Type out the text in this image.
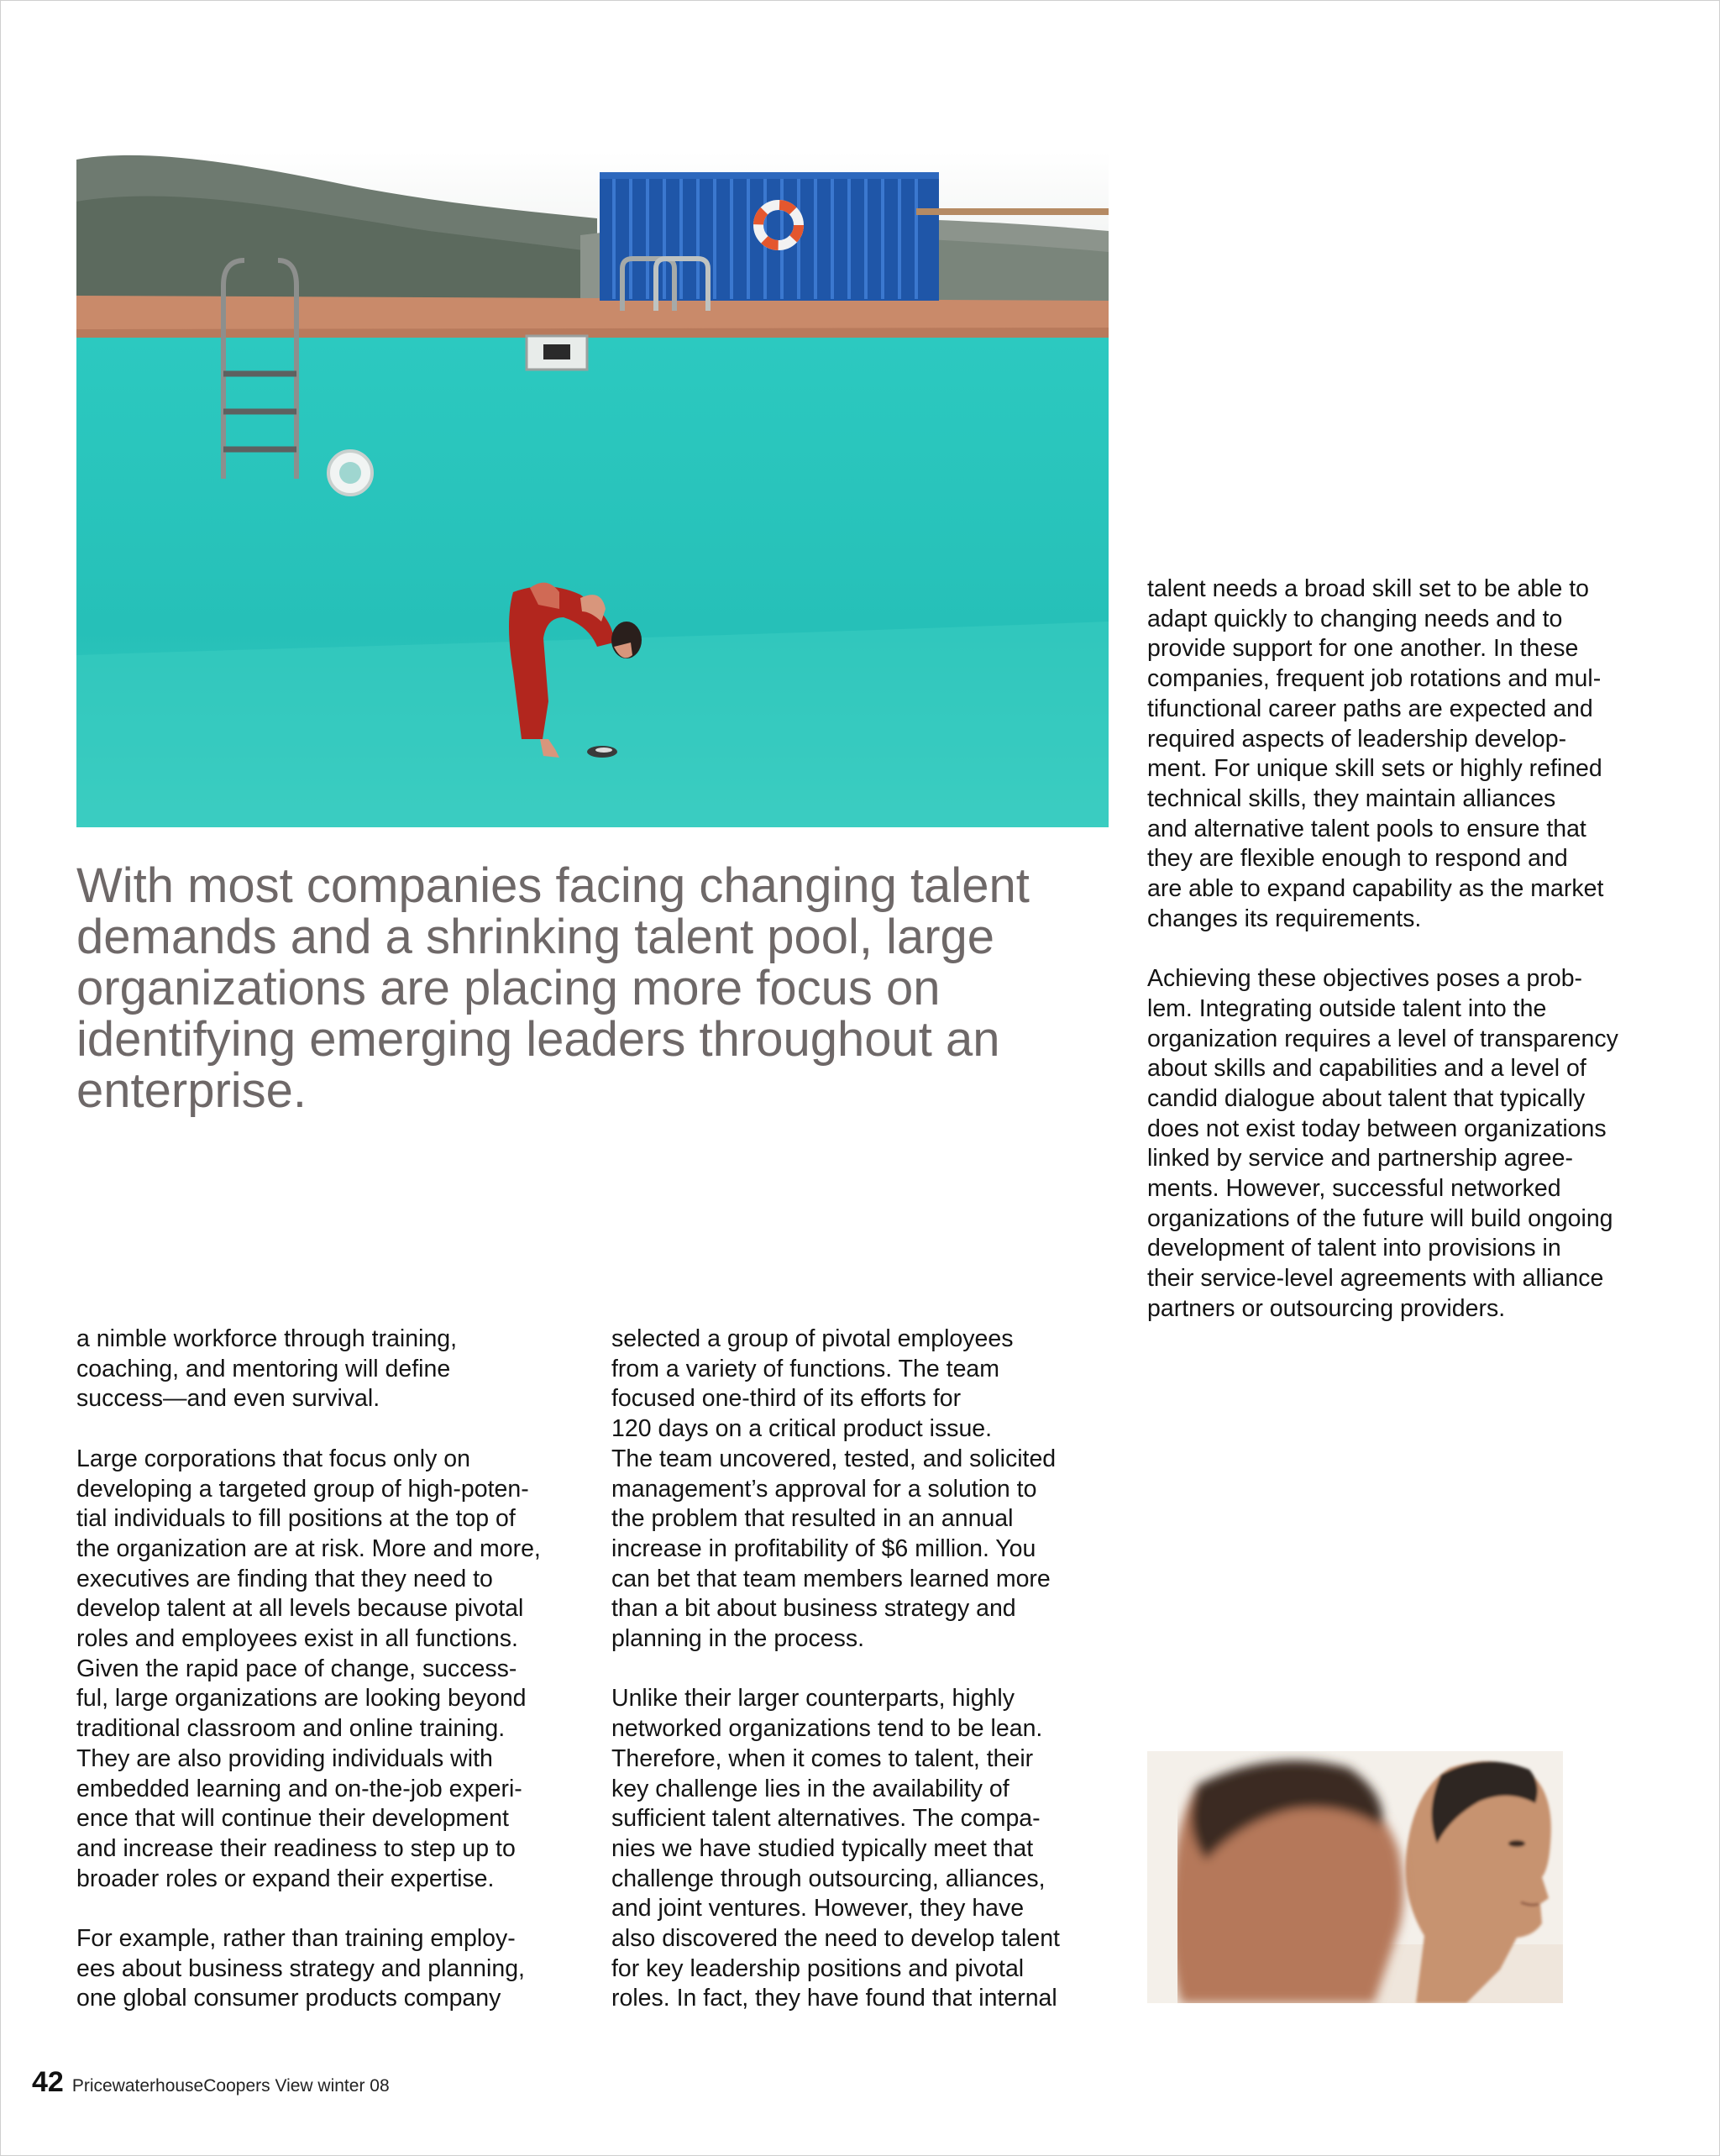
With most companies facing changing talent demands and a shrinking talent pool, large organizations are placing more focus on identifying emerging leaders throughout an enterprise.

a nimble workforce through training,
coaching, and mentoring will define
success—and even survival.

Large corporations that focus only on
developing a targeted group of high-poten-
tial individuals to fill positions at the top of
the organization are at risk. More and more,
executives are finding that they need to
develop talent at all levels because pivotal
roles and employees exist in all functions.
Given the rapid pace of change, success-
ful, large organizations are looking beyond
traditional classroom and online training.
They are also providing individuals with
embedded learning and on-the-job experi-
ence that will continue their development
and increase their readiness to step up to
broader roles or expand their expertise.

For example, rather than training employ-
ees about business strategy and planning,
one global consumer products company

selected a group of pivotal employees
from a variety of functions. The team
focused one-third of its efforts for
120 days on a critical product issue.
The team uncovered, tested, and solicited
management’s approval for a solution to
the problem that resulted in an annual
increase in profitability of $6 million. You
can bet that team members learned more
than a bit about business strategy and
planning in the process.

Unlike their larger counterparts, highly
networked organizations tend to be lean.
Therefore, when it comes to talent, their
key challenge lies in the availability of
sufficient talent alternatives. The compa-
nies we have studied typically meet that
challenge through outsourcing, alliances,
and joint ventures. However, they have
also discovered the need to develop talent
for key leadership positions and pivotal
roles. In fact, they have found that internal

talent needs a broad skill set to be able to
adapt quickly to changing needs and to
provide support for one another. In these
companies, frequent job rotations and mul-
tifunctional career paths are expected and
required aspects of leadership develop-
ment. For unique skill sets or highly refined
technical skills, they maintain alliances
and alternative talent pools to ensure that
they are flexible enough to respond and
are able to expand capability as the market
changes its requirements.

Achieving these objectives poses a prob-
lem. Integrating outside talent into the
organization requires a level of transparency
about skills and capabilities and a level of
candid dialogue about talent that typically
does not exist today between organizations
linked by service and partnership agree-
ments. However, successful networked
organizations of the future will build ongoing
development of talent into provisions in
their service-level agreements with alliance
partners or outsourcing providers.

42 PricewaterhouseCoopers View winter 08
